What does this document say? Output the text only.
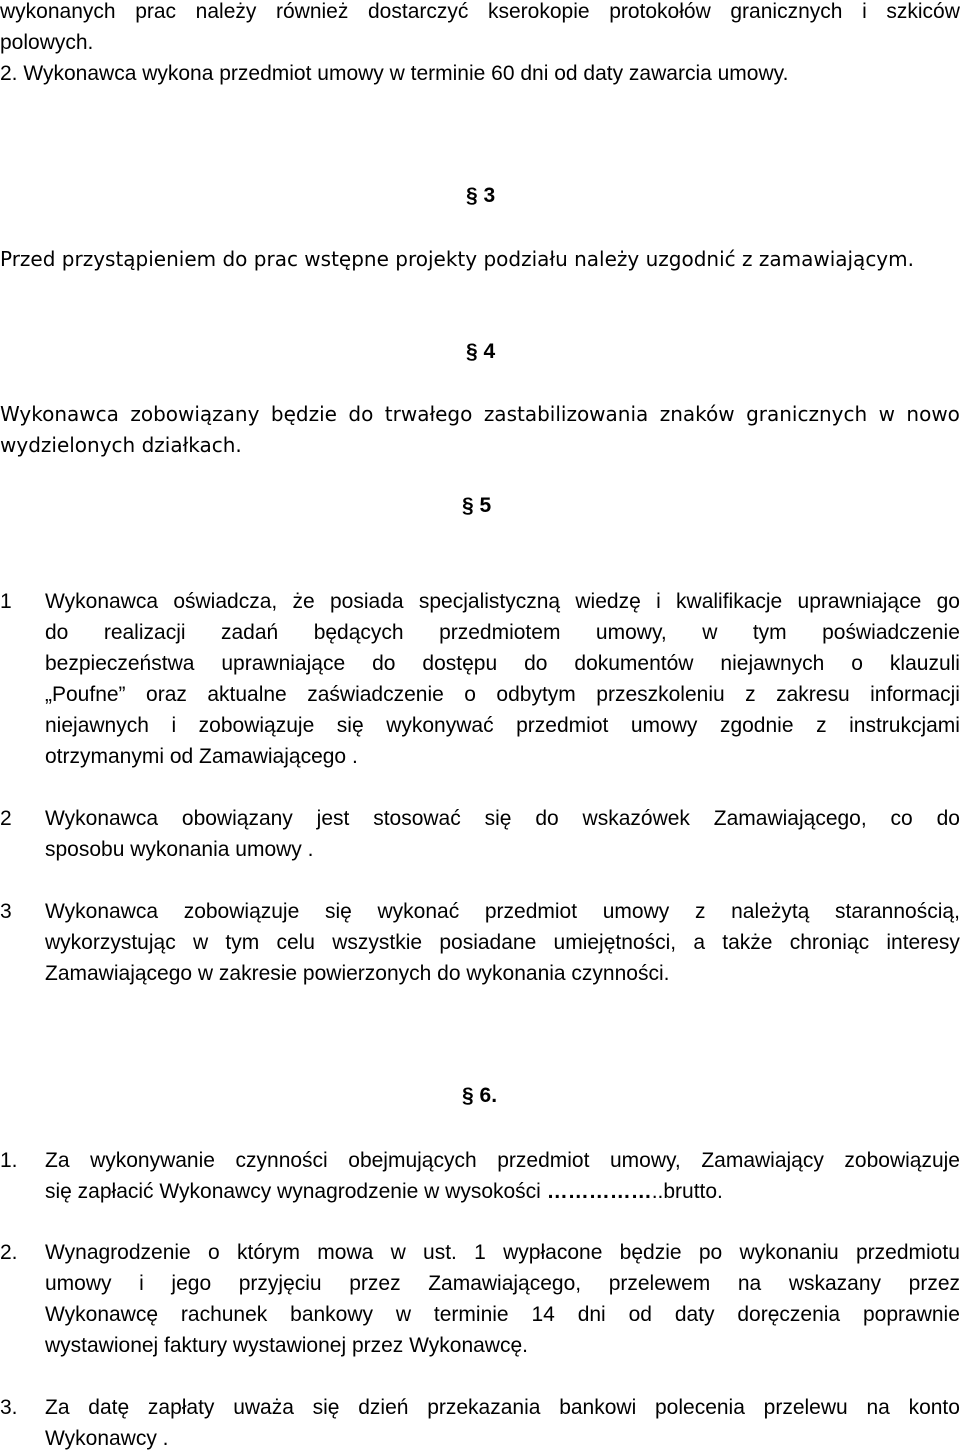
wykonanych prac należy również dostarczyć kserokopie protokołów granicznych i szkiców
polowych.
2. Wykonawca wykona przedmiot umowy w terminie 60 dni od daty zawarcia umowy.
§ 3
Przed przystąpieniem do prac wstępne projekty podziału należy uzgodnić z zamawiającym.
§ 4
Wykonawca zobowiązany będzie do trwałego zastabilizowania znaków granicznych w nowo
wydzielonych działkach.
§ 5
1 Wykonawca oświadcza, że posiada specjalistyczną wiedzę i kwalifikacje uprawniające go
do realizacji zadań będących przedmiotem umowy, w tym poświadczenie
bezpieczeństwa uprawniające do dostępu do dokumentów niejawnych o klauzuli
„Poufne” oraz aktualne zaświadczenie o odbytym przeszkoleniu z zakresu informacji
niejawnych i zobowiązuje się wykonywać przedmiot umowy zgodnie z instrukcjami
otrzymanymi od Zamawiającego .
2 Wykonawca obowiązany jest stosować się do wskazówek Zamawiającego, co do
sposobu wykonania umowy .
3 Wykonawca zobowiązuje się wykonać przedmiot umowy z należytą starannością,
wykorzystując w tym celu wszystkie posiadane umiejętności, a także chroniąc interesy
Zamawiającego w zakresie powierzonych do wykonania czynności.
§ 6.
1. Za wykonywanie czynności obejmujących przedmiot umowy, Zamawiający zobowiązuje
się zapłacić Wykonawcy wynagrodzenie w wysokości ……………..brutto.
2. Wynagrodzenie o którym mowa w ust. 1 wypłacone będzie po wykonaniu przedmiotu
umowy i jego przyjęciu przez Zamawiającego, przelewem na wskazany przez
Wykonawcę rachunek bankowy w terminie 14 dni od daty doręczenia poprawnie
wystawionej faktury wystawionej przez Wykonawcę.
3. Za datę zapłaty uważa się dzień przekazania bankowi polecenia przelewu na konto
Wykonawcy .
